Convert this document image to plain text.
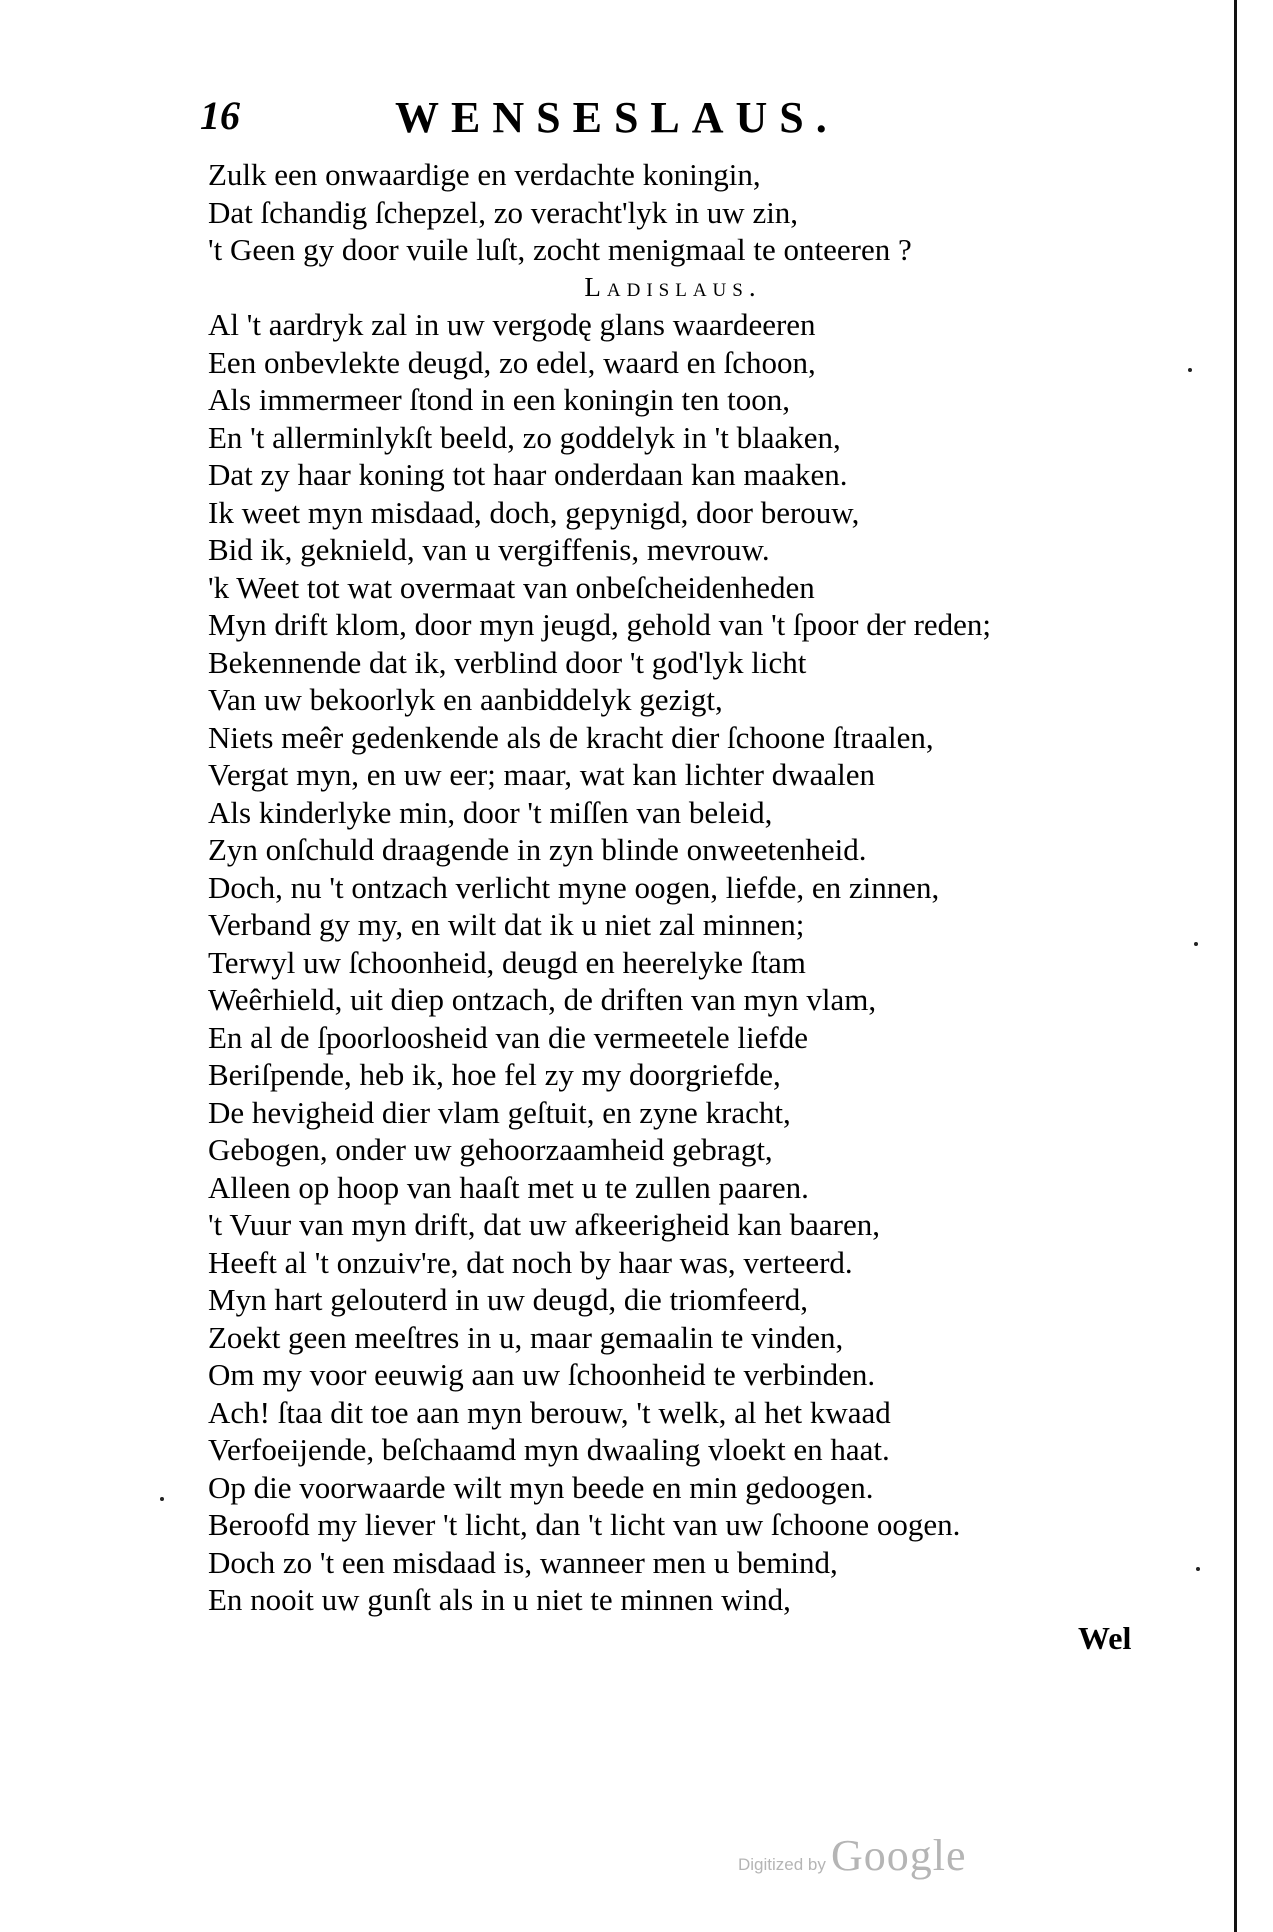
16	WENSESLAUS.
Zulk een onwaardige en verdachte koningin,
Dat ſchandig ſchepzel, zo veracht'lyk in uw zin,
't Geen gy door vuile luſt, zocht menigmaal te onteeren ?
Ladislaus.
Al 't aardryk zal in uw vergodę glans waardeeren
Een onbevlekte deugd, zo edel, waard en ſchoon,
Als immermeer ſtond in een koningin ten toon,
En 't allerminlykſt beeld, zo goddelyk in 't blaaken,
Dat zy haar koning tot haar onderdaan kan maaken.
Ik weet myn misdaad, doch, gepynigd, door berouw,
Bid ik, geknield, van u vergiffenis, mevrouw.
'k Weet tot wat overmaat van onbeſcheidenheden
Myn drift klom, door myn jeugd, gehold van 't ſpoor der reden;
Bekennende dat ik, verblind door 't god'lyk licht
Van uw bekoorlyk en aanbiddelyk gezigt,
Niets meêr gedenkende als de kracht dier ſchoone ſtraalen,
Vergat myn, en uw eer; maar, wat kan lichter dwaalen
Als kinderlyke min, door 't miſſen van beleid,
Zyn onſchuld draagende in zyn blinde onweetenheid.
Doch, nu 't ontzach verlicht myne oogen, liefde, en zinnen,
Verband gy my, en wilt dat ik u niet zal minnen;
Terwyl uw ſchoonheid, deugd en heerelyke ſtam
Weêrhield, uit diep ontzach, de driften van myn vlam,
En al de ſpoorloosheid van die vermeetele liefde
Beriſpende, heb ik, hoe fel zy my doorgriefde,
De hevigheid dier vlam geſtuit, en zyne kracht,
Gebogen, onder uw gehoorzaamheid gebragt,
Alleen op hoop van haaſt met u te zullen paaren.
't Vuur van myn drift, dat uw afkeerigheid kan baaren,
Heeft al 't onzuiv're, dat noch by haar was, verteerd.
Myn hart gelouterd in uw deugd, die triomfeerd,
Zoekt geen meeſtres in u, maar gemaalin te vinden,
Om my voor eeuwig aan uw ſchoonheid te verbinden.
Ach! ſtaa dit toe aan myn berouw, 't welk, al het kwaad
Verfoeijende, beſchaamd myn dwaaling vloekt en haat.
Op die voorwaarde wilt myn beede en min gedoogen.
Beroofd my liever 't licht, dan 't licht van uw ſchoone oogen.
Doch zo 't een misdaad is, wanneer men u bemind,
En nooit uw gunſt als in u niet te minnen wind,
Wel
Digitized by Google
